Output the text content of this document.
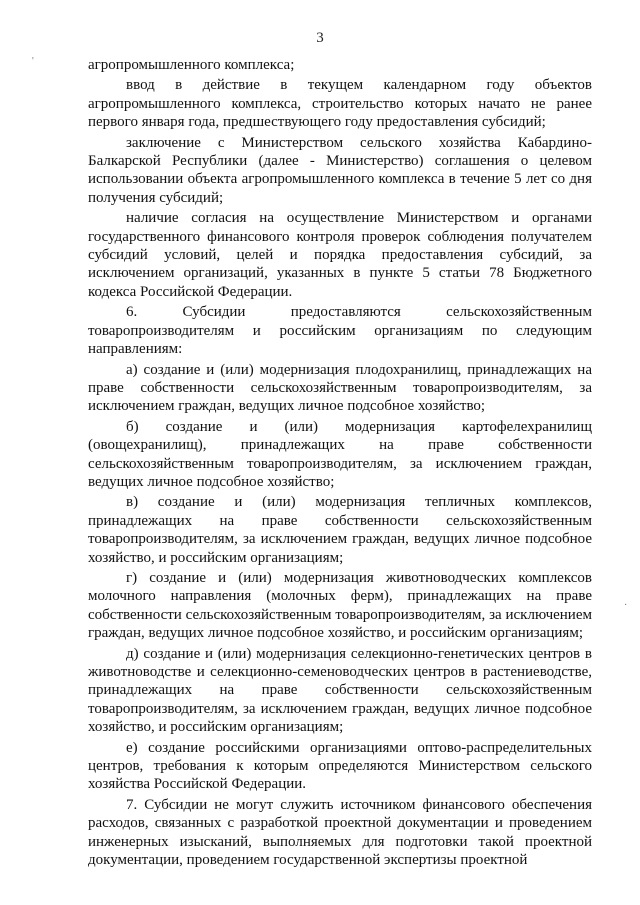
3
'
·

агропромышленного комплекса;

ввод в действие в текущем календарном году объектов агропромышленного комплекса, строительство которых начато не ранее первого января года, предшествующего году предоставления субсидий;

заключение с Министерством сельского хозяйства Кабардино-Балкарской Республики (далее - Министерство) соглашения о целевом использовании объекта агропромышленного комплекса в течение 5 лет со дня получения субсидий;

наличие согласия на осуществление Министерством и органами государственного финансового контроля проверок соблюдения получателем субсидий условий, целей и порядка предоставления субсидий, за исключением организаций, указанных в пункте 5 статьи 78 Бюджетного кодекса Российской Федерации.

6. Субсидии предоставляются сельскохозяйственным товаропроизводителям и российским организациям по следующим направлениям:

а) создание и (или) модернизация плодохранилищ, принадлежащих на праве собственности сельскохозяйственным товаропроизводителям, за исключением граждан, ведущих личное подсобное хозяйство;

б) создание и (или) модернизация картофелехранилищ (овощехранилищ), принадлежащих на праве собственности сельскохозяйственным товаропроизводителям, за исключением граждан, ведущих личное подсобное хозяйство;

в) создание и (или) модернизация тепличных комплексов, принадлежащих на праве собственности сельскохозяйственным товаропроизводителям, за исключением граждан, ведущих личное подсобное хозяйство, и российским организациям;

г) создание и (или) модернизация животноводческих комплексов молочного направления (молочных ферм), принадлежащих на праве собственности сельскохозяйственным товаропроизводителям, за исключением граждан, ведущих личное подсобное хозяйство, и российским организациям;

д) создание и (или) модернизация селекционно-генетических центров в животноводстве и селекционно-семеноводческих центров в растениеводстве, принадлежащих на праве собственности сельскохозяйственным товаропроизводителям, за исключением граждан, ведущих личное подсобное хозяйство, и российским организациям;

е) создание российскими организациями оптово-распределительных центров, требования к которым определяются Министерством сельского хозяйства Российской Федерации.

7. Субсидии не могут служить источником финансового обеспечения расходов, связанных с разработкой проектной документации и проведением инженерных изысканий, выполняемых для подготовки такой проектной документации, проведением государственной экспертизы проектной
